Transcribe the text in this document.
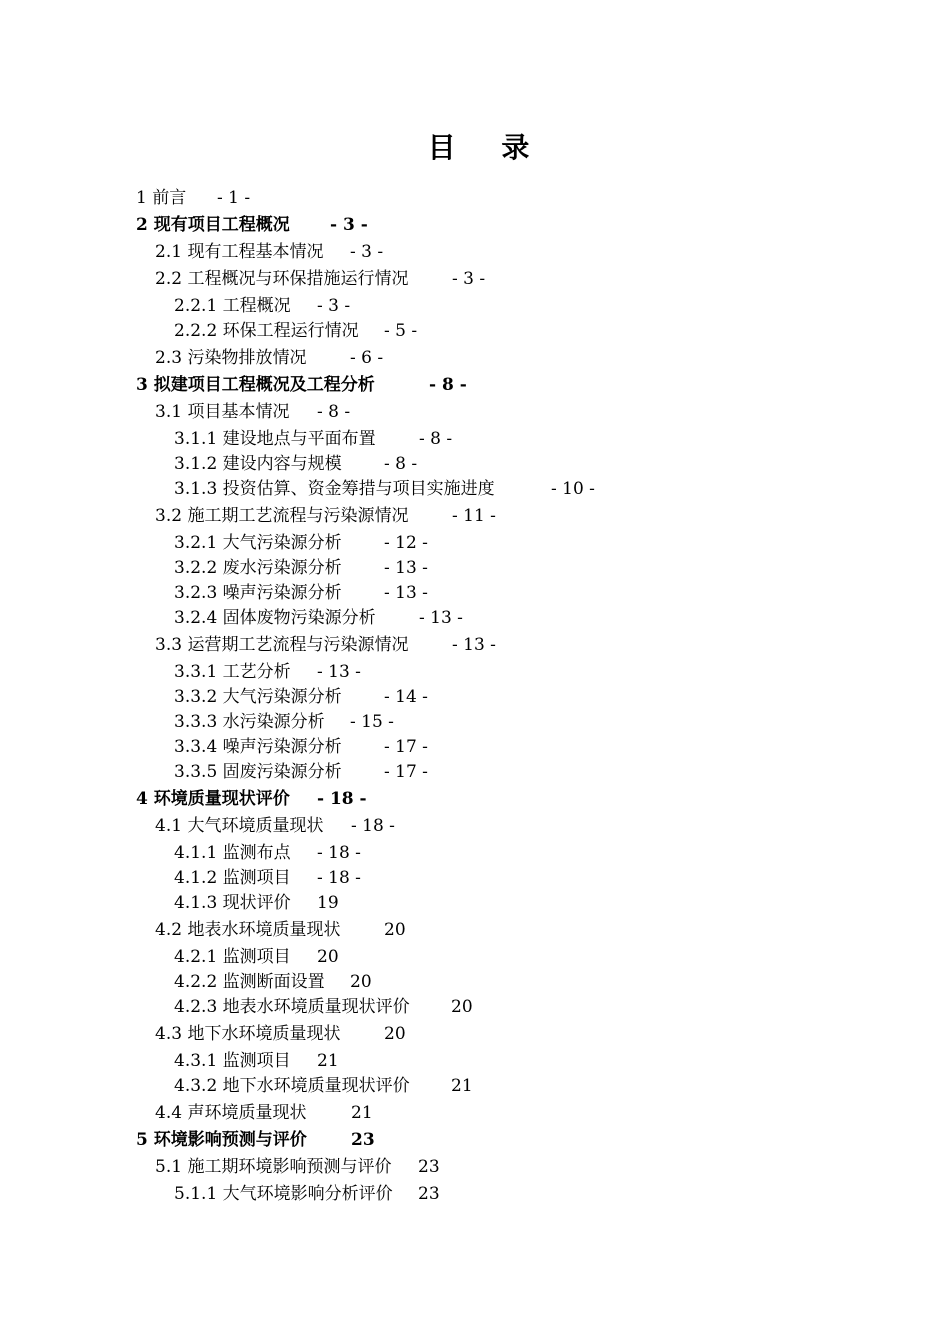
目 录
1 前言 - 1 -
2 现有项目工程概况 - 3 -
2.1 现有工程基本情况 - 3 -
2.2 工程概况与环保措施运行情况	- 3 -
2.2.1 工程概况 - 3 -
2.2.2 环保工程运行情况 - 5 -
2.3 污染物排放情况	- 6 -
3 拟建项目工程概况及工程分析	- 8 -
3.1 项目基本情况 - 8 -
3.1.1 建设地点与平面布置	- 8 -
3.1.2 建设内容与规模 - 8 -
3.1.3 投资估算、资金筹措与项目实施进度	- 10 -
3.2 施工期工艺流程与污染源情况	- 11 -
3.2.1 大气污染源分析 - 12 -
3.2.2 废水污染源分析 - 13 -
3.2.3 噪声污染源分析 - 13 -
3.2.4 固体废物污染源分析	- 13 -
3.3 运营期工艺流程与污染源情况	- 13 -
3.3.1 工艺分析 - 13 -
3.3.2 大气污染源分析 - 14 -
3.3.3 水污染源分析 - 15 -
3.3.4 噪声污染源分析 - 17 -
3.3.5 固废污染源分析 - 17 -
4 环境质量现状评价 - 18 -
4.1 大气环境质量现状 - 18 -
4.1.1 监测布点 - 18 -
4.1.2 监测项目 - 18 -
4.1.3 现状评价 19
4.2 地表水环境质量现状	20
4.2.1 监测项目 20
4.2.2 监测断面设置 20
4.2.3 地表水环境质量现状评价 20
4.3 地下水环境质量现状	20
4.3.1 监测项目 21
4.3.2 地下水环境质量现状评价 21
4.4 声环境质量现状	21
5 环境影响预测与评价	23
5.1 施工期环境影响预测与评价 23
5.1.1 大气环境影响分析评价 23
